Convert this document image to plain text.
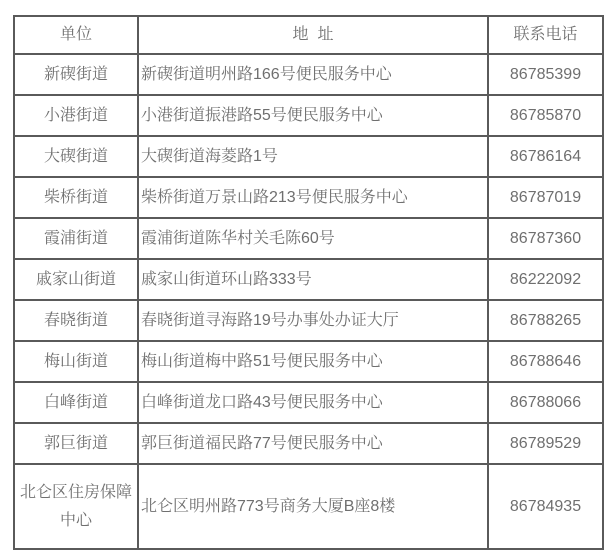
单位	地  址	联系电话
新碶街道	新碶街道明州路166号便民服务中心	86785399
小港街道	小港街道振港路55号便民服务中心	86785870
大碶街道	大碶街道海菱路1号	86786164
柴桥街道	柴桥街道万景山路213号便民服务中心	86787019
霞浦街道	霞浦街道陈华村关毛陈60号	86787360
戚家山街道	戚家山街道环山路333号	86222092
春晓街道	春晓街道寻海路19号办事处办证大厅	86788265
梅山街道	梅山街道梅中路51号便民服务中心	86788646
白峰街道	白峰街道龙口路43号便民服务中心	86788066
郭巨街道	郭巨街道福民路77号便民服务中心	86789529
北仑区住房保障中心	北仑区明州路773号商务大厦B座8楼	86784935
